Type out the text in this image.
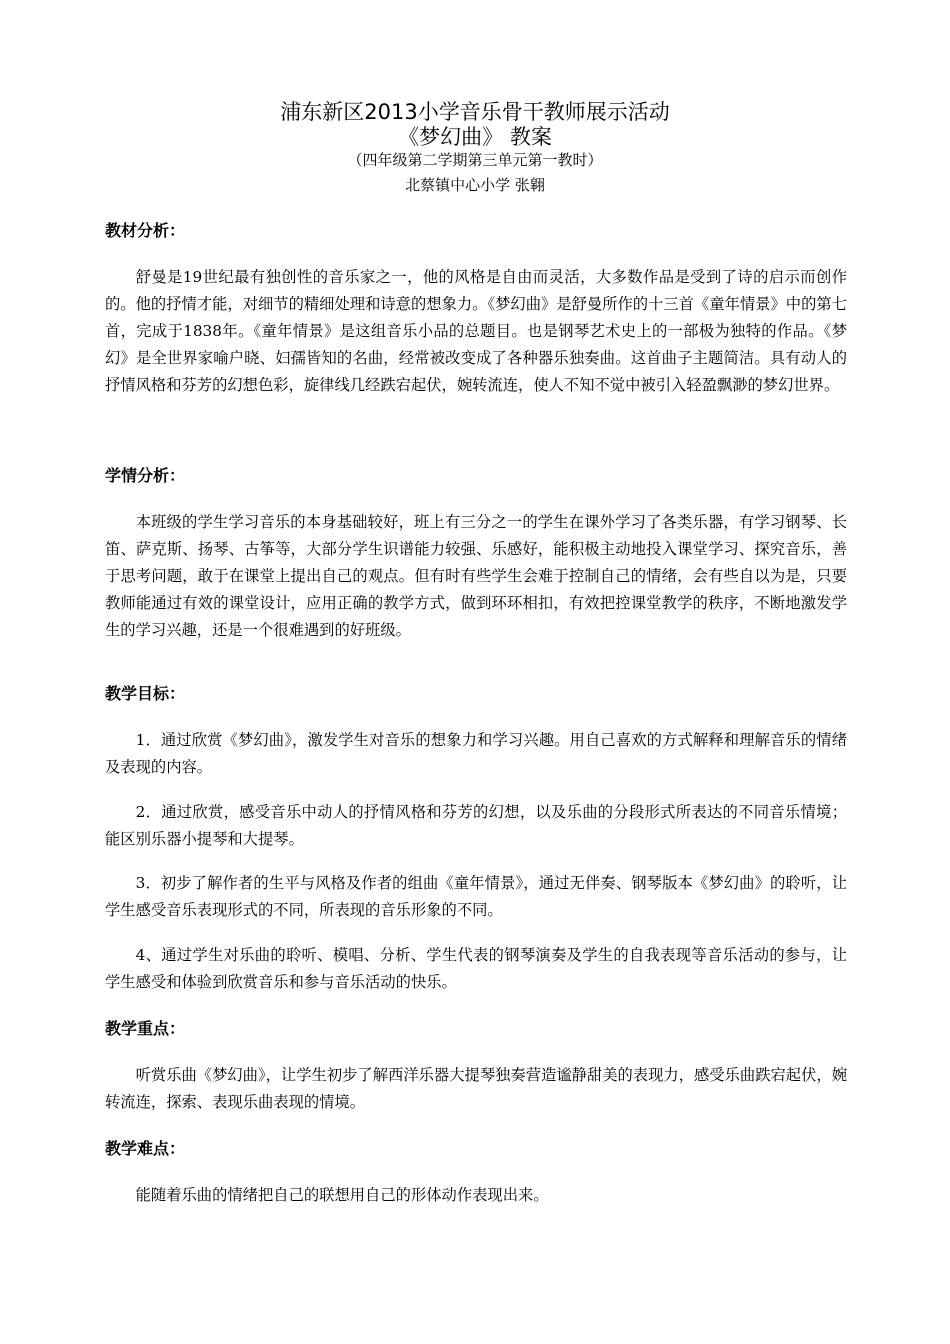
浦东新区2013小学音乐骨干教师展示活动
《梦幻曲》 教案
（四年级第二学期第三单元第一教时）
北蔡镇中心小学 张翱
教材分析：

舒曼是19世纪最有独创性的音乐家之一，他的风格是自由而灵活，大多数作品是受到了诗的启示而创作的。他的抒情才能，对细节的精细处理和诗意的想象力。《梦幻曲》是舒曼所作的十三首《童年情景》中的第七首，完成于1838年。《童年情景》是这组音乐小品的总题目。也是钢琴艺术史上的一部极为独特的作品。《梦幻》是全世界家喻户晓、妇孺皆知的名曲，经常被改变成了各种器乐独奏曲。这首曲子主题简洁。具有动人的抒情风格和芬芳的幻想色彩，旋律线几经跌宕起伏，婉转流连，使人不知不觉中被引入轻盈飘渺的梦幻世界。

学情分析：

本班级的学生学习音乐的本身基础较好，班上有三分之一的学生在课外学习了各类乐器，有学习钢琴、长笛、萨克斯、扬琴、古筝等，大部分学生识谱能力较强、乐感好，能积极主动地投入课堂学习、探究音乐，善于思考问题，敢于在课堂上提出自己的观点。但有时有些学生会难于控制自己的情绪，会有些自以为是，只要教师能通过有效的课堂设计，应用正确的教学方式，做到环环相扣，有效把控课堂教学的秩序，不断地激发学生的学习兴趣，还是一个很难遇到的好班级。

教学目标：

1．通过欣赏《梦幻曲》，激发学生对音乐的想象力和学习兴趣。用自己喜欢的方式解释和理解音乐的情绪及表现的内容。

2．通过欣赏，感受音乐中动人的抒情风格和芬芳的幻想，以及乐曲的分段形式所表达的不同音乐情境；能区别乐器小提琴和大提琴。

3．初步了解作者的生平与风格及作者的组曲《童年情景》，通过无伴奏、钢琴版本《梦幻曲》的聆听，让学生感受音乐表现形式的不同，所表现的音乐形象的不同。

4、通过学生对乐曲的聆听、模唱、分析、学生代表的钢琴演奏及学生的自我表现等音乐活动的参与，让学生感受和体验到欣赏音乐和参与音乐活动的快乐。

教学重点：

听赏乐曲《梦幻曲》，让学生初步了解西洋乐器大提琴独奏营造谧静甜美的表现力，感受乐曲跌宕起伏，婉转流连，探索、表现乐曲表现的情境。

教学难点：

能随着乐曲的情绪把自己的联想用自己的形体动作表现出来。
